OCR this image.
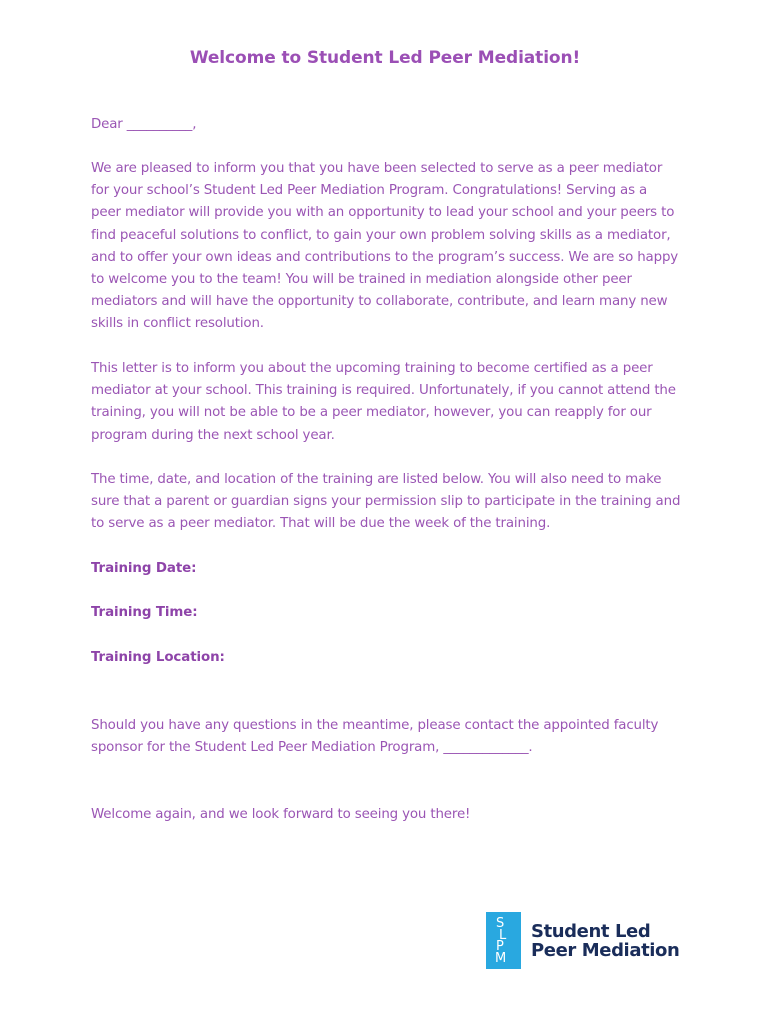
Welcome to Student Led Peer Mediation!

Dear __________,

We are pleased to inform you that you have been selected to serve as a peer mediator for your school’s Student Led Peer Mediation Program. Congratulations! Serving as a peer mediator will provide you with an opportunity to lead your school and your peers to find peaceful solutions to conflict, to gain your own problem solving skills as a mediator, and to offer your own ideas and contributions to the program’s success. We are so happy to welcome you to the team! You will be trained in mediation alongside other peer mediators and will have the opportunity to collaborate, contribute, and learn many new skills in conflict resolution.

This letter is to inform you about the upcoming training to become certified as a peer mediator at your school. This training is required. Unfortunately, if you cannot attend the training, you will not be able to be a peer mediator, however, you can reapply for our program during the next school year.

The time, date, and location of the training are listed below. You will also need to make sure that a parent or guardian signs your permission slip to participate in the training and to serve as a peer mediator. That will be due the week of the training.

Training Date:

Training Time:

Training Location:

Should you have any questions in the meantime, please contact the appointed faculty sponsor for the Student Led Peer Mediation Program, _____________.

Welcome again, and we look forward to seeing you there!

S
L
P
M
Student Led
Peer Mediation
